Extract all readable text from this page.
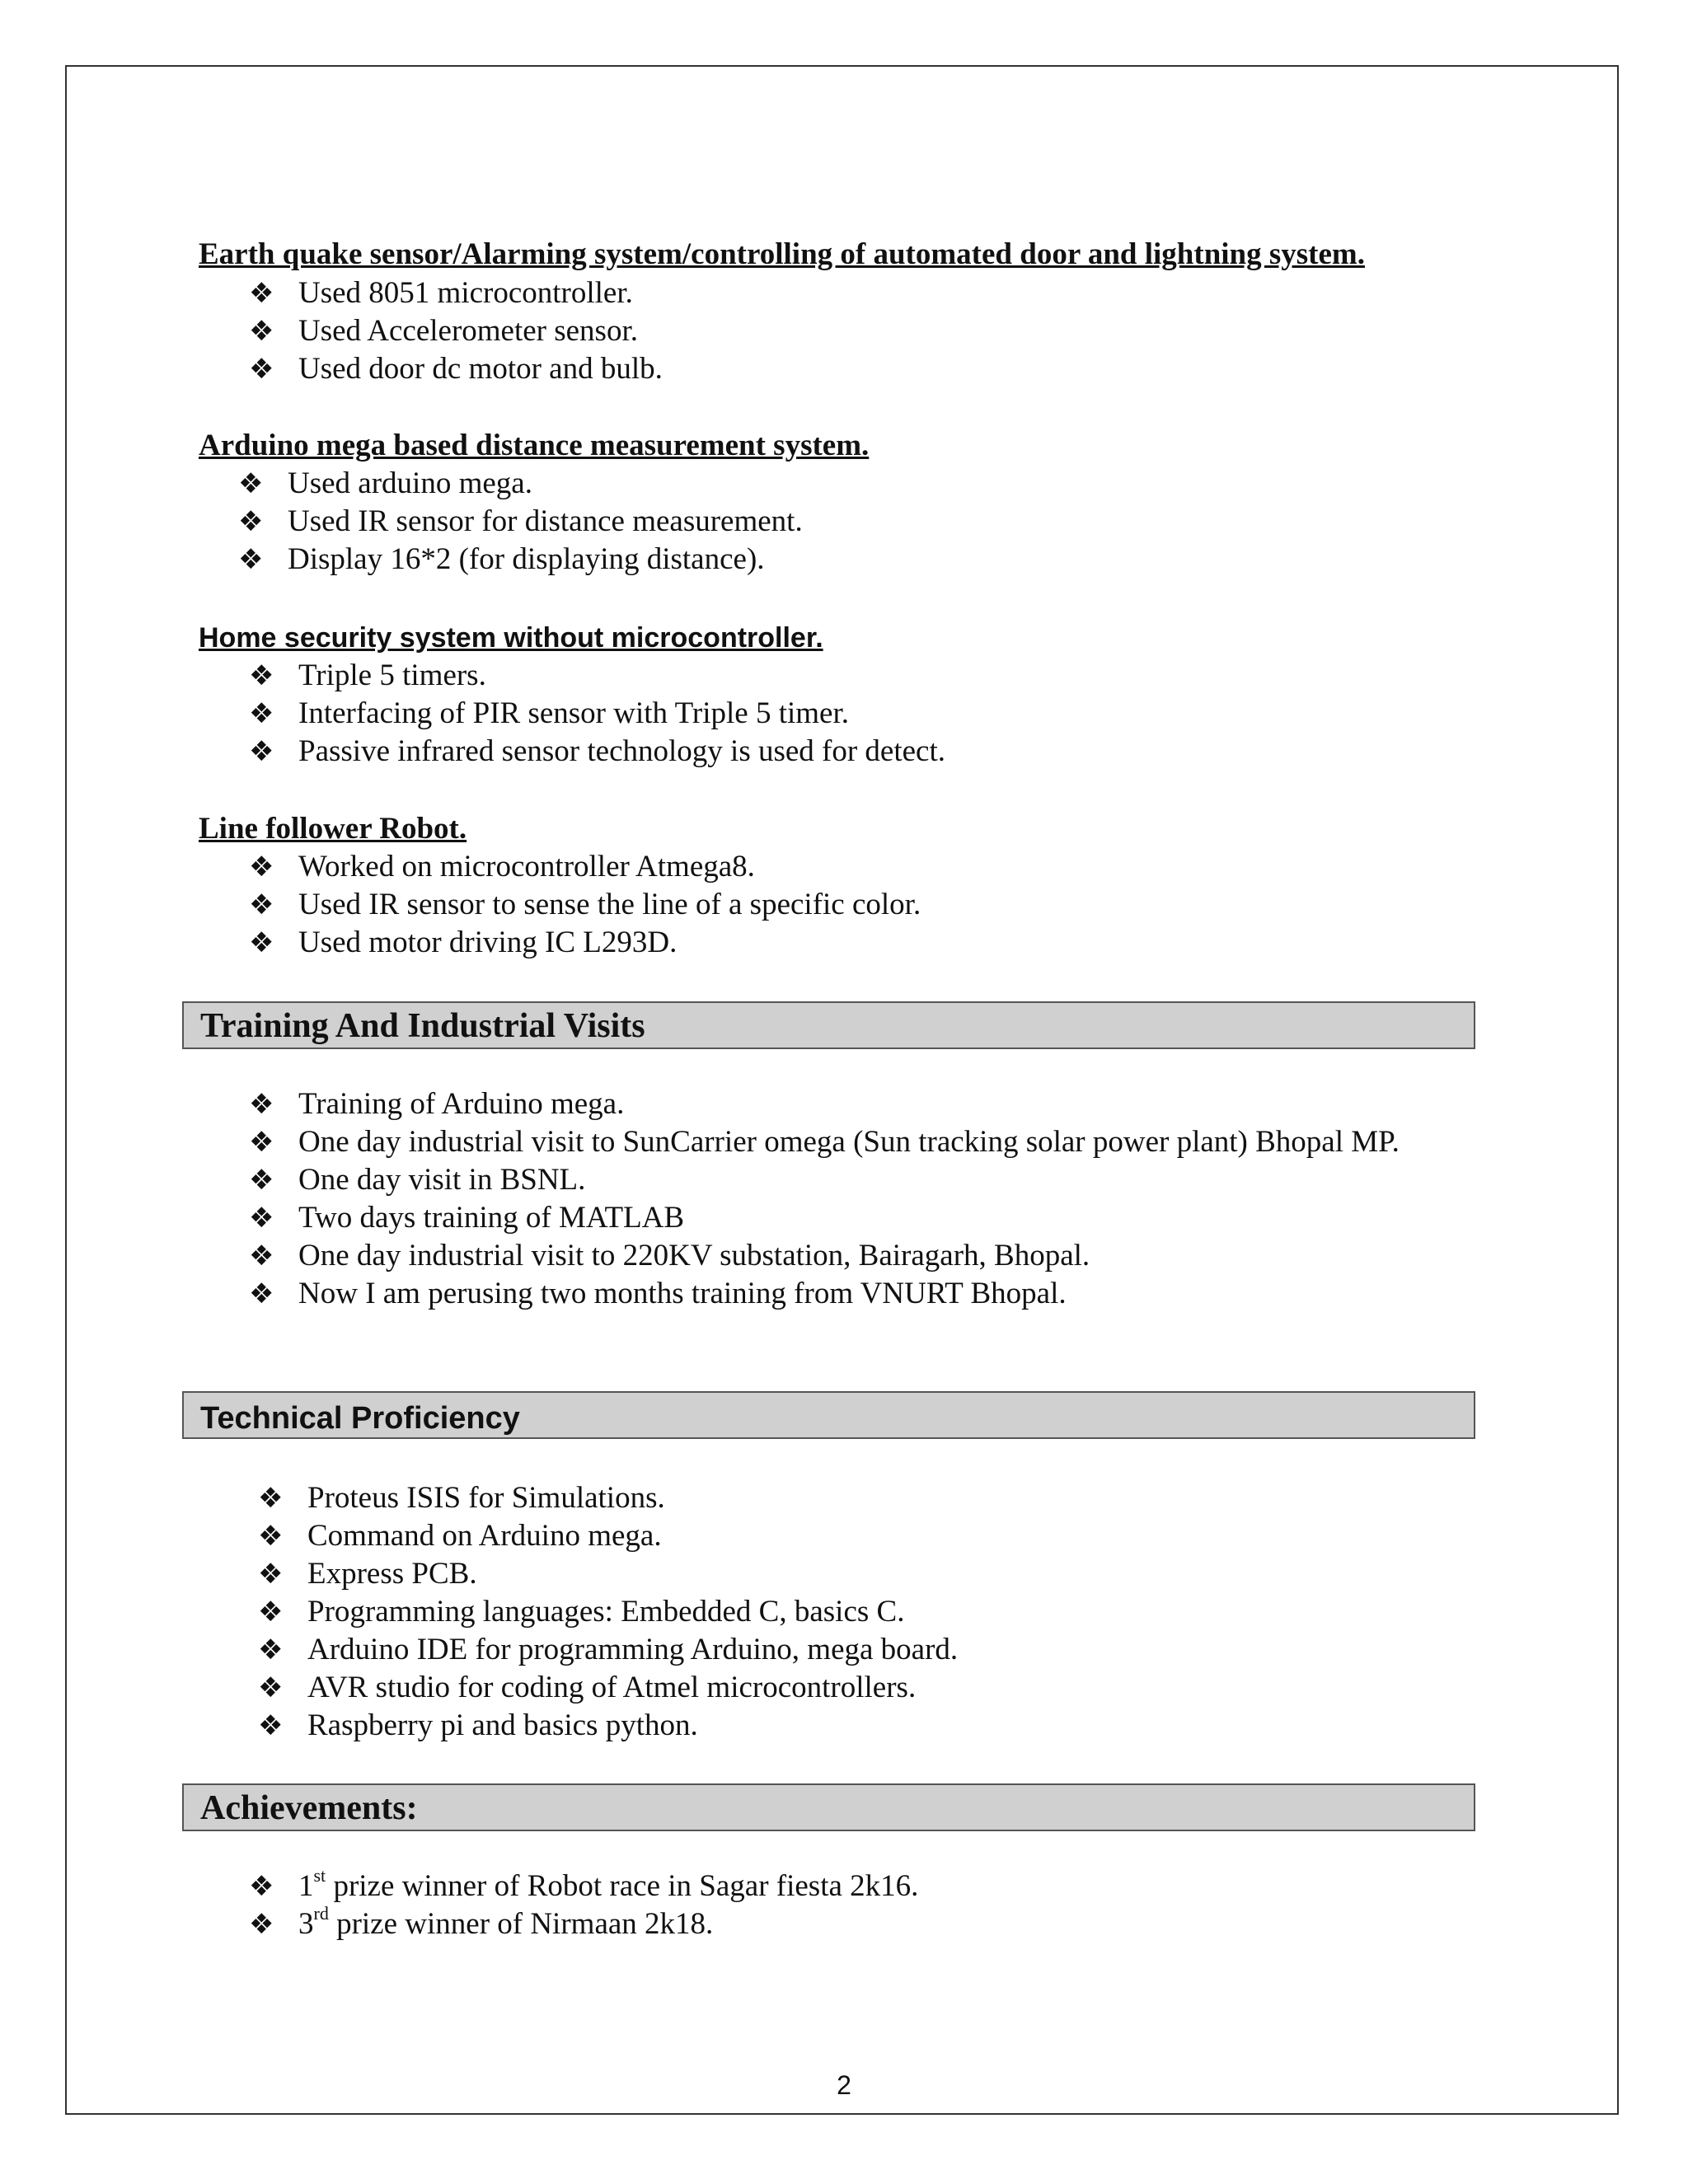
Earth quake sensor/Alarming system/controlling of automated door and lightning system.
❖ Used 8051 microcontroller.
❖ Used Accelerometer sensor.
❖ Used door dc motor and bulb.
Arduino mega based distance measurement system.
❖ Used arduino mega.
❖ Used IR sensor for distance measurement.
❖ Display 16*2 (for displaying distance).
Home security system without microcontroller.
❖ Triple 5 timers.
❖ Interfacing of PIR sensor with Triple 5 timer.
❖ Passive infrared sensor technology is used for detect.
Line follower Robot.
❖ Worked on microcontroller Atmega8.
❖ Used IR sensor to sense the line of a specific color.
❖ Used motor driving IC L293D.
Training And Industrial Visits
❖ Training of Arduino mega.
❖ One day industrial visit to SunCarrier omega (Sun tracking solar power plant) Bhopal MP.
❖ One day visit in BSNL.
❖ Two days training of MATLAB
❖ One day industrial visit to 220KV substation, Bairagarh, Bhopal.
❖ Now I am perusing two months training from VNURT Bhopal.
Technical Proficiency
❖ Proteus ISIS for Simulations.
❖ Command on Arduino mega.
❖ Express PCB.
❖ Programming languages: Embedded C, basics C.
❖ Arduino IDE for programming Arduino, mega board.
❖ AVR studio for coding of Atmel microcontrollers.
❖ Raspberry pi and basics python.
Achievements:
❖ 1st prize winner of Robot race in Sagar fiesta 2k16.
❖ 3rd prize winner of Nirmaan 2k18.
2
